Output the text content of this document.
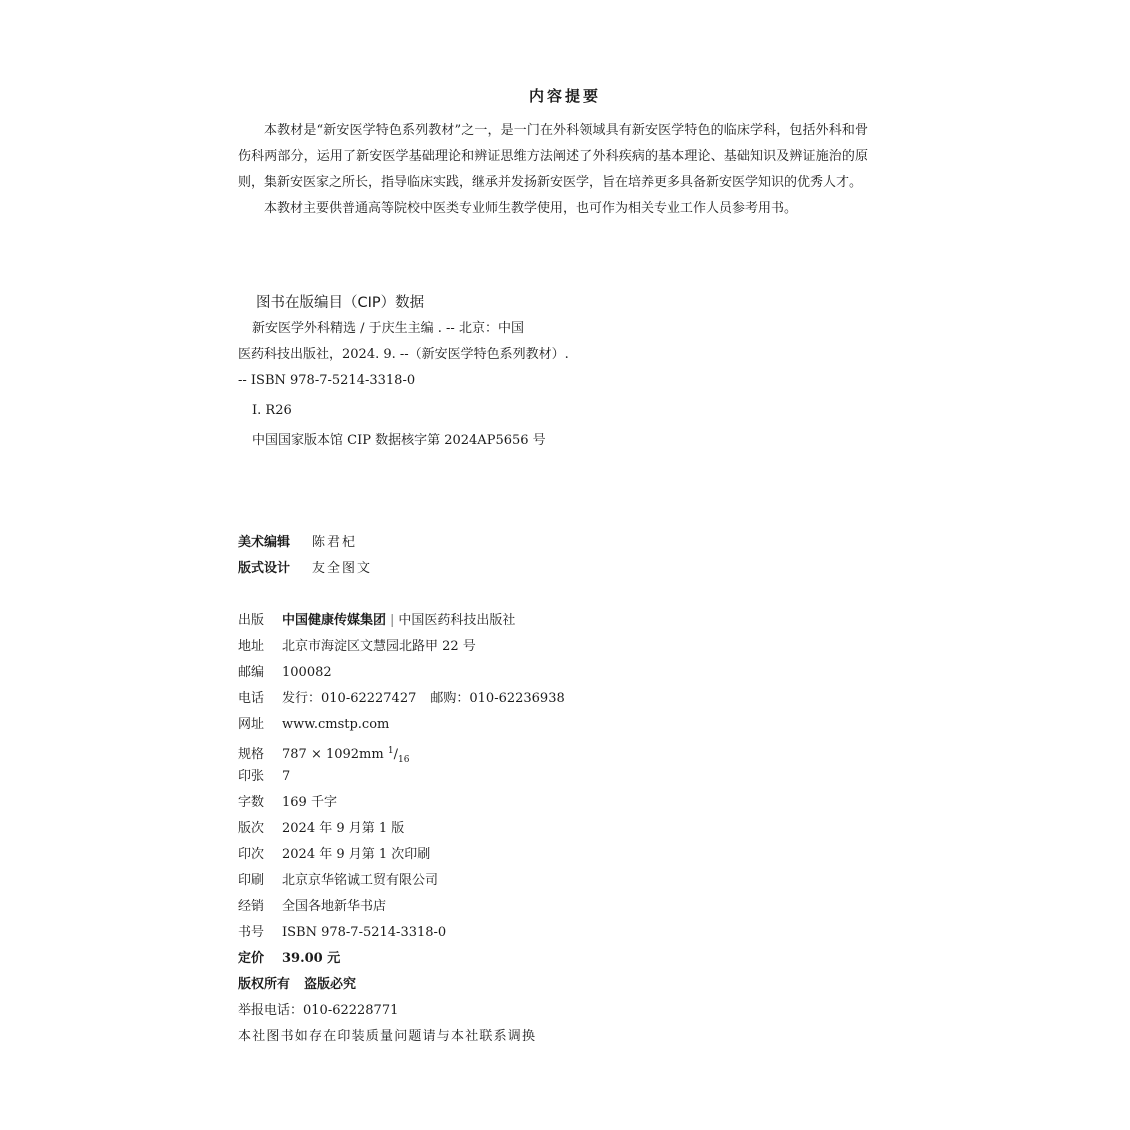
内容提要

本教材是“新安医学特色系列教材”之一，是一门在外科领域具有新安医学特色的临床学科，包括外科和骨伤科两部分，运用了新安医学基础理论和辨证思维方法阐述了外科疾病的基本理论、基础知识及辨证施治的原则，集新安医家之所长，指导临床实践，继承并发扬新安医学，旨在培养更多具备新安医学知识的优秀人才。

本教材主要供普通高等院校中医类专业师生教学使用，也可作为相关专业工作人员参考用书。

图书在版编目（CIP）数据
新安医学外科精选 / 于庆生主编 . -- 北京：中国
医药科技出版社，2024. 9. --（新安医学特色系列教材）.
-- ISBN 978-7-5214-3318-0
Ⅰ. R26
中国国家版本馆 CIP 数据核字第 2024AP5656 号
美术编辑 陈君杞
版式设计 友全图文
出版 中国健康传媒集团 | 中国医药科技出版社
地址 北京市海淀区文慧园北路甲 22 号
邮编 100082
电话 发行：010-62227427 邮购：010-62236938
网址 www.cmstp.com
规格 787 × 1092mm $^1/_{16}$
印张 7
字数 169 千字
版次 2024 年 9 月第 1 版
印次 2024 年 9 月第 1 次印刷
印刷 北京京华铭诚工贸有限公司
经销 全国各地新华书店
书号 ISBN 978-7-5214-3318-0
定价 39.00 元
版权所有 盗版必究
举报电话：010-62228771
本社图书如存在印装质量问题请与本社联系调换
